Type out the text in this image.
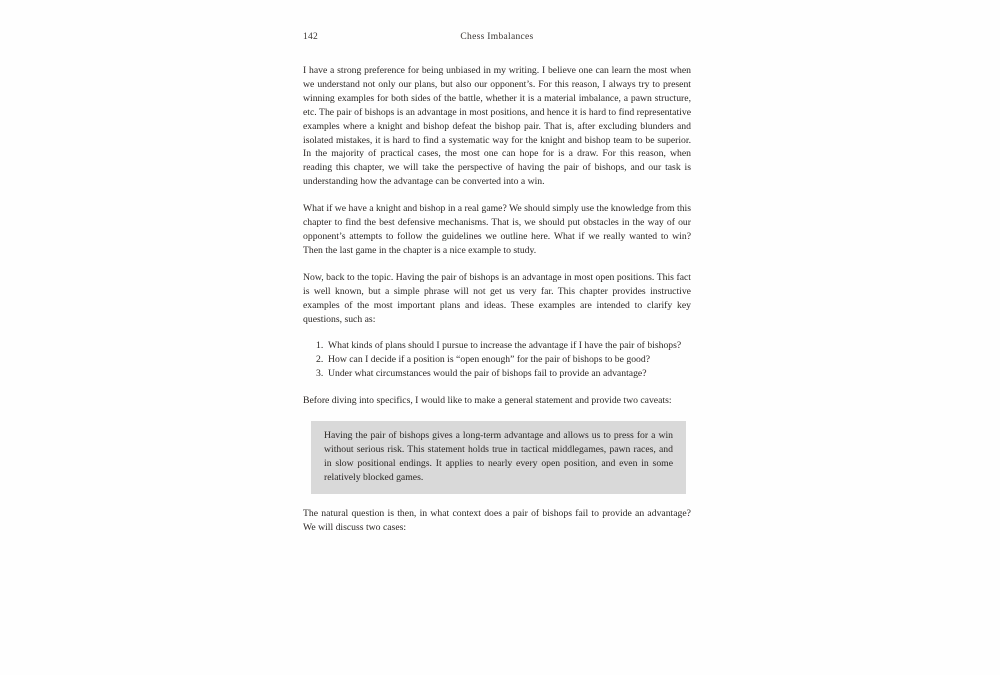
142	Chess Imbalances

I have a strong preference for being unbiased in my writing. I believe one can learn the most when we understand not only our plans, but also our opponent’s. For this reason, I always try to present winning examples for both sides of the battle, whether it is a material imbalance, a pawn structure, etc. The pair of bishops is an advantage in most positions, and hence it is hard to find representative examples where a knight and bishop defeat the bishop pair. That is, after excluding blunders and isolated mistakes, it is hard to find a systematic way for the knight and bishop team to be superior. In the majority of practical cases, the most one can hope for is a draw. For this reason, when reading this chapter, we will take the perspective of having the pair of bishops, and our task is understanding how the advantage can be converted into a win.

What if we have a knight and bishop in a real game? We should simply use the knowledge from this chapter to find the best defensive mechanisms. That is, we should put obstacles in the way of our opponent’s attempts to follow the guidelines we outline here. What if we really wanted to win? Then the last game in the chapter is a nice example to study.

Now, back to the topic. Having the pair of bishops is an advantage in most open positions. This fact is well known, but a simple phrase will not get us very far. This chapter provides instructive examples of the most important plans and ideas. These examples are intended to clarify key questions, such as:

What kinds of plans should I pursue to increase the advantage if I have the pair of bishops?
How can I decide if a position is “open enough” for the pair of bishops to be good?
Under what circumstances would the pair of bishops fail to provide an advantage?

Before diving into specifics, I would like to make a general statement and provide two caveats:

Having the pair of bishops gives a long-term advantage and allows us to press for a win without serious risk. This statement holds true in tactical middlegames, pawn races, and in slow positional endings. It applies to nearly every open position, and even in some relatively blocked games.

The natural question is then, in what context does a pair of bishops fail to provide an advantage? We will discuss two cases:
